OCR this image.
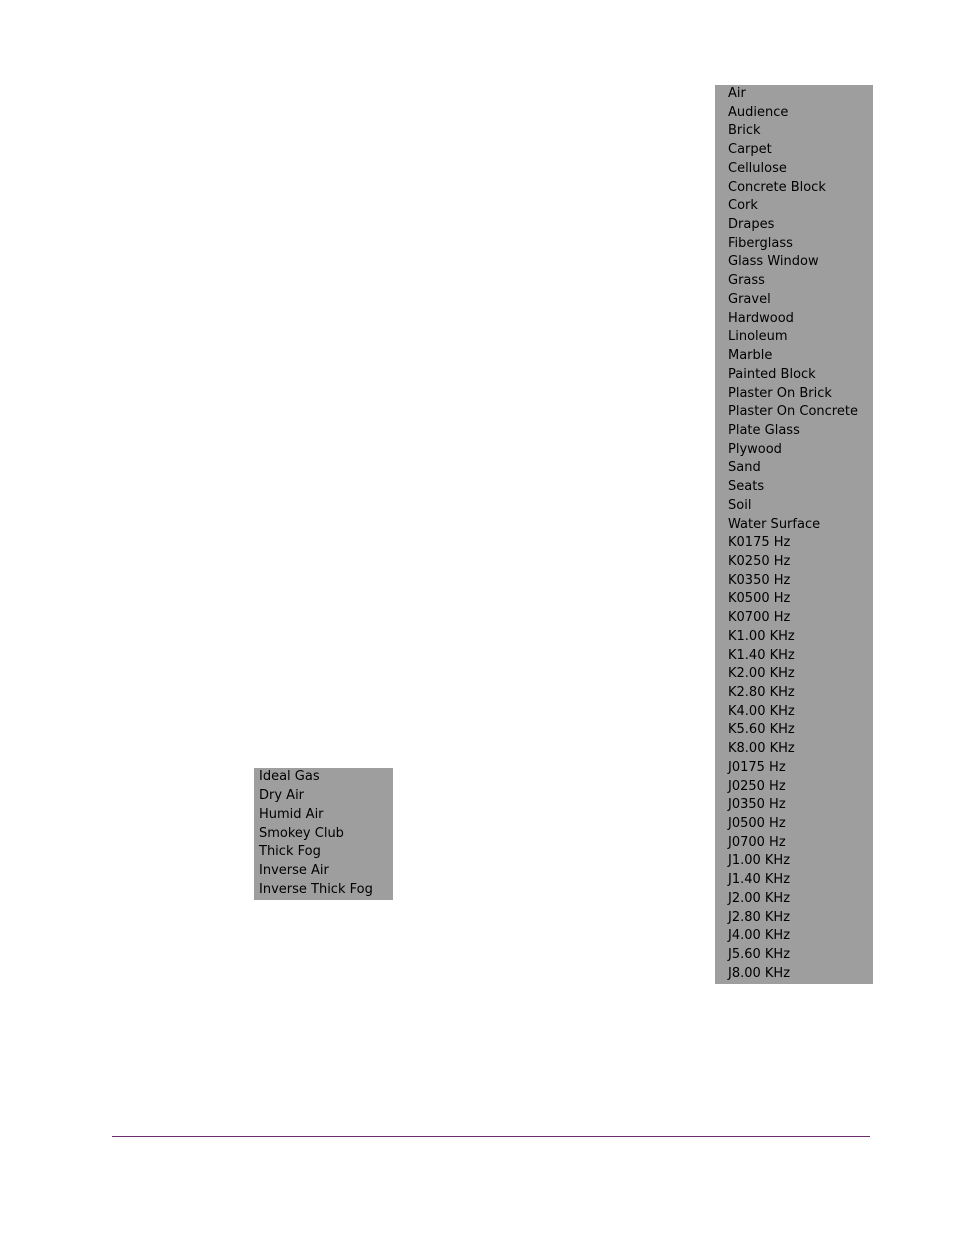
Air
Audience
Brick
Carpet
Cellulose
Concrete Block
Cork
Drapes
Fiberglass
Glass Window
Grass
Gravel
Hardwood
Linoleum
Marble
Painted Block
Plaster On Brick
Plaster On Concrete
Plate Glass
Plywood
Sand
Seats
Soil
Water Surface
K0175 Hz
K0250 Hz
K0350 Hz
K0500 Hz
K0700 Hz
K1.00 KHz
K1.40 KHz
K2.00 KHz
K2.80 KHz
K4.00 KHz
K5.60 KHz
K8.00 KHz
J0175 Hz
J0250 Hz
J0350 Hz
J0500 Hz
J0700 Hz
J1.00 KHz
J1.40 KHz
J2.00 KHz
J2.80 KHz
J4.00 KHz
J5.60 KHz
J8.00 KHz
Ideal Gas
Dry Air
Humid Air
Smokey Club
Thick Fog
Inverse Air
Inverse Thick Fog
